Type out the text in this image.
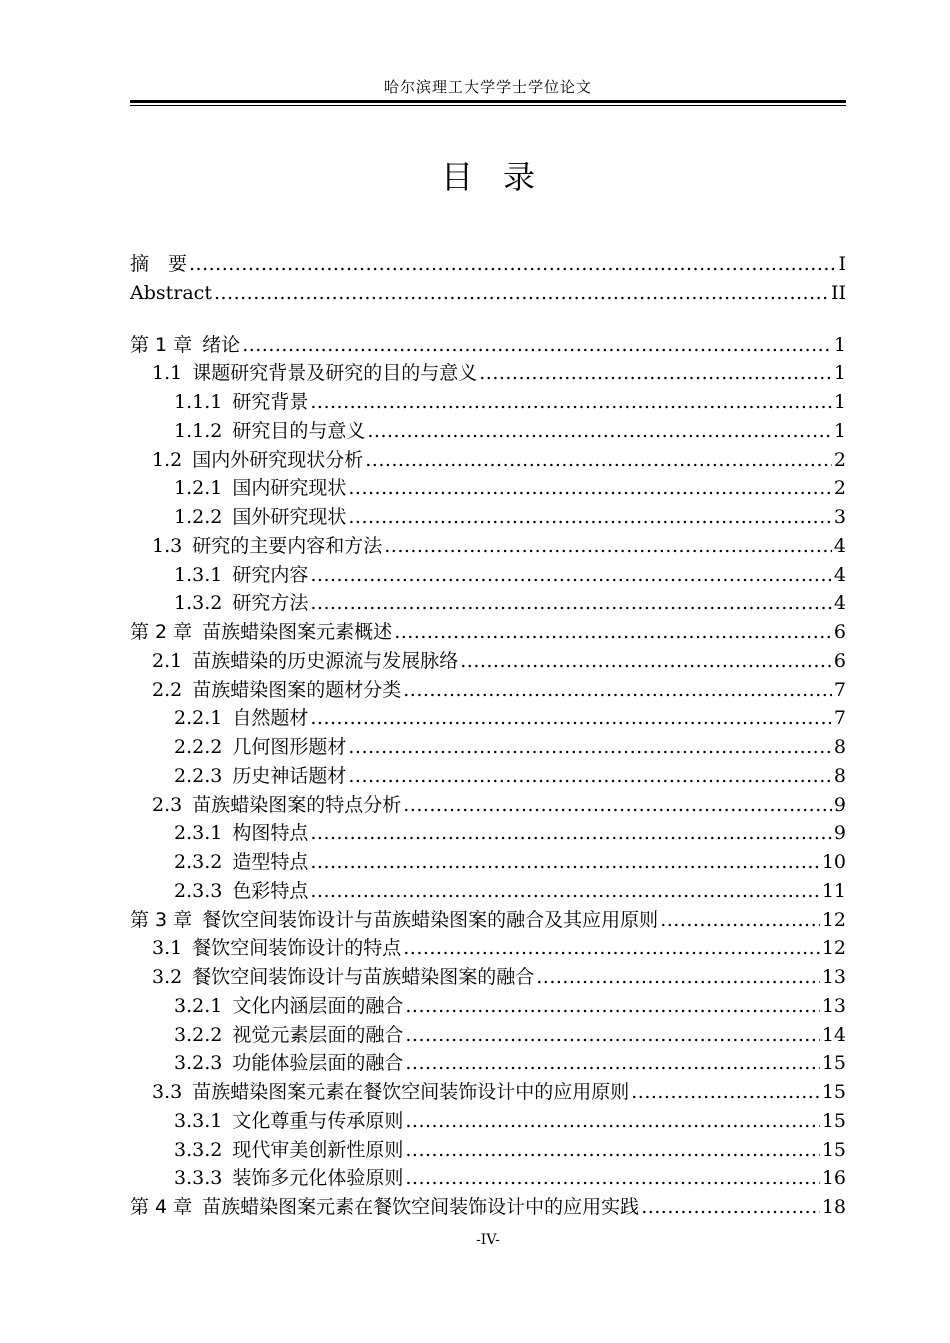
哈尔滨理工大学学士学位论文
目录
摘　要 .....	I
Abstract .....	II
第 1 章 绪论 .....	1
1.1 课题研究背景及研究的目的与意义 .....	1
1.1.1 研究背景 .....	1
1.1.2 研究目的与意义 .....	1
1.2 国内外研究现状分析 .....	2
1.2.1 国内研究现状 .....	2
1.2.2 国外研究现状 .....	3
1.3 研究的主要内容和方法 .....	4
1.3.1 研究内容 .....	4
1.3.2 研究方法 .....	4
第 2 章 苗族蜡染图案元素概述 .....	6
2.1 苗族蜡染的历史源流与发展脉络 .....	6
2.2 苗族蜡染图案的题材分类 .....	7
2.2.1 自然题材 .....	7
2.2.2 几何图形题材 .....	8
2.2.3 历史神话题材 .....	8
2.3 苗族蜡染图案的特点分析 .....	9
2.3.1 构图特点 .....	9
2.3.2 造型特点 .....	10
2.3.3 色彩特点 .....	11
第 3 章 餐饮空间装饰设计与苗族蜡染图案的融合及其应用原则 .....	12
3.1 餐饮空间装饰设计的特点 .....	12
3.2 餐饮空间装饰设计与苗族蜡染图案的融合 .....	13
3.2.1 文化内涵层面的融合 .....	13
3.2.2 视觉元素层面的融合 .....	14
3.2.3 功能体验层面的融合 .....	15
3.3 苗族蜡染图案元素在餐饮空间装饰设计中的应用原则 .....	15
3.3.1 文化尊重与传承原则 .....	15
3.3.2 现代审美创新性原则 .....	15
3.3.3 装饰多元化体验原则 .....	16
第 4 章 苗族蜡染图案元素在餐饮空间装饰设计中的应用实践 .....	18
-IV-
